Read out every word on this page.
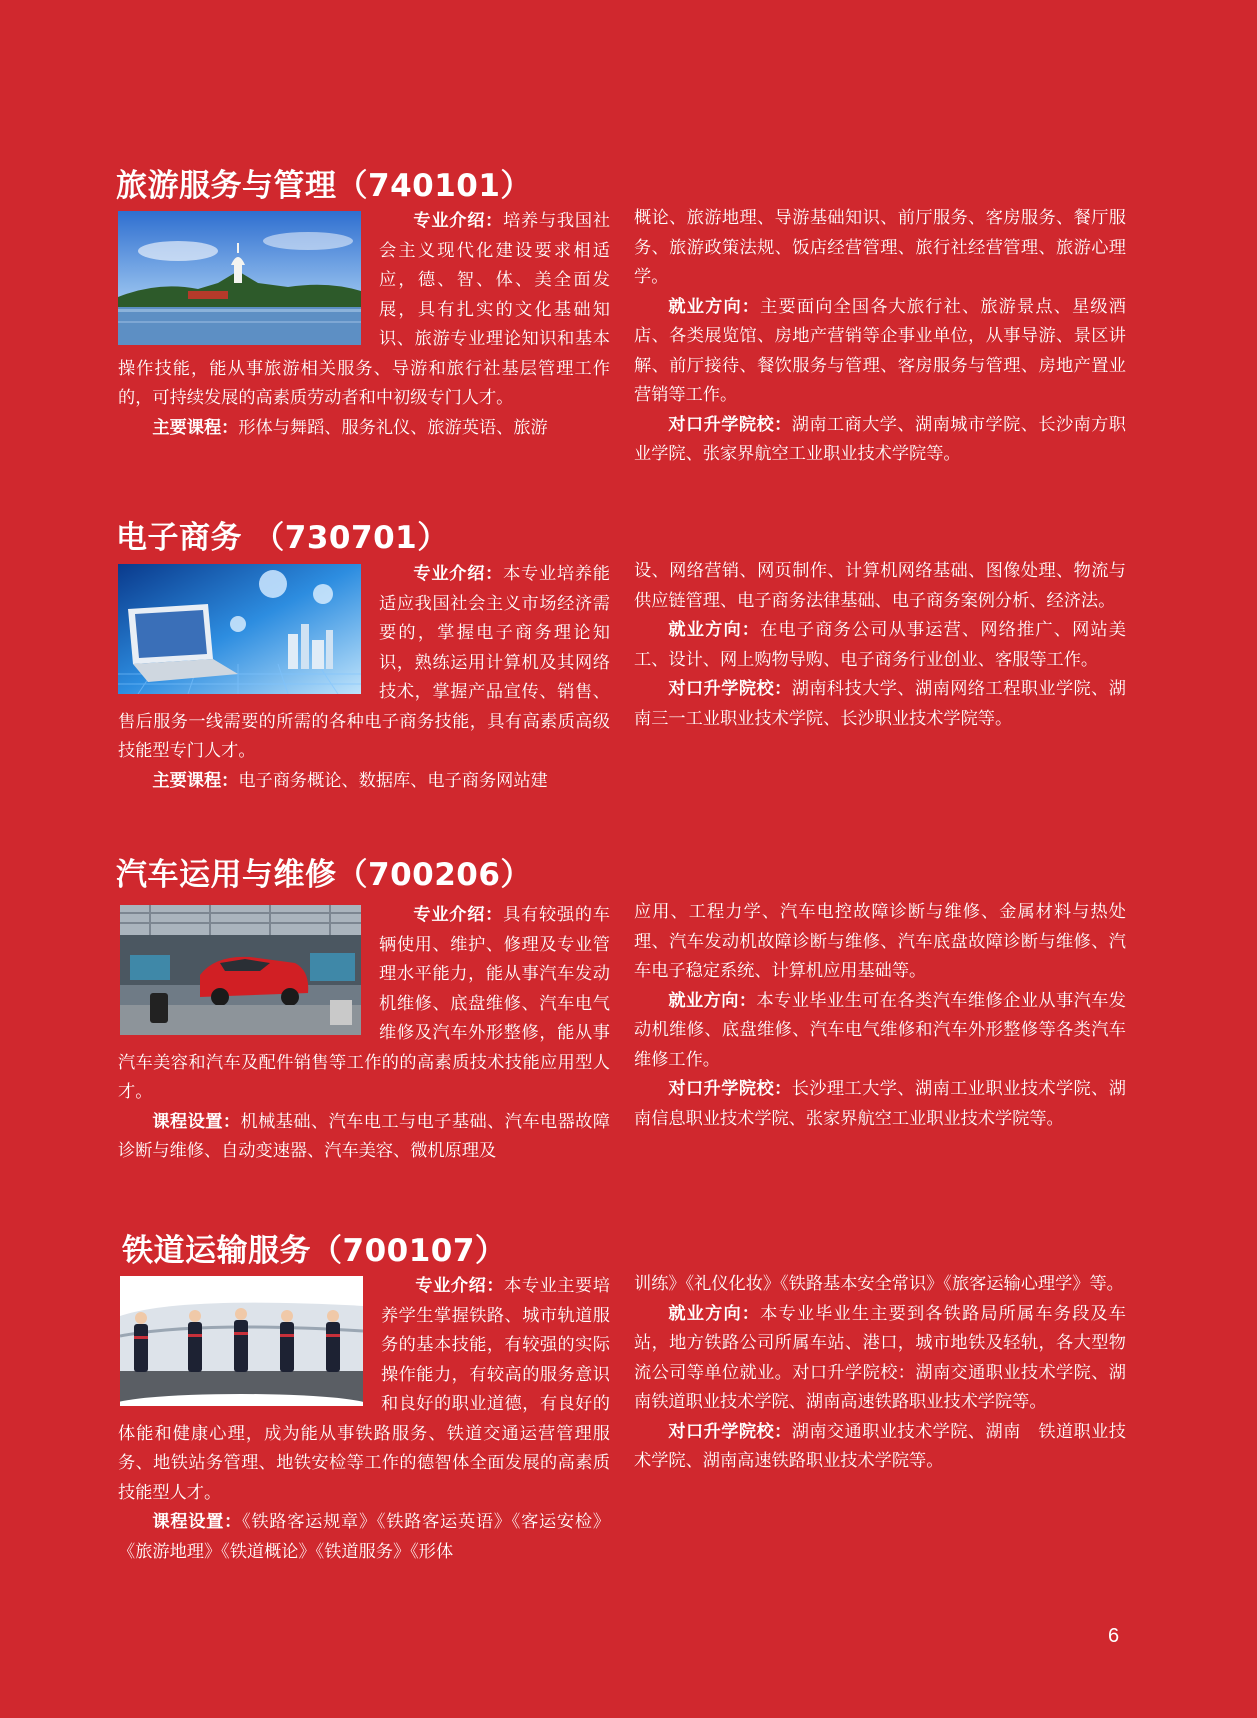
旅游服务与管理（740101）

专业介绍：培养与我国社会主义现代化建设要求相适应，德、智、体、美全面发展，具有扎实的文化基础知识、旅游专业理论知识和基本操作技能，能从事旅游相关服务、导游和旅行社基层管理工作的，可持续发展的高素质劳动者和中初级专门人才。

主要课程：形体与舞蹈、服务礼仪、旅游英语、旅游

概论、旅游地理、导游基础知识、前厅服务、客房服务、餐厅服务、旅游政策法规、饭店经营管理、旅行社经营管理、旅游心理学。

就业方向：主要面向全国各大旅行社、旅游景点、星级酒店、各类展览馆、房地产营销等企事业单位，从事导游、景区讲解、前厅接待、餐饮服务与管理、客房服务与管理、房地产置业营销等工作。

对口升学院校：湖南工商大学、湖南城市学院、长沙南方职业学院、张家界航空工业职业技术学院等。

电子商务 （730701）

专业介绍：本专业培养能适应我国社会主义市场经济需要的，掌握电子商务理论知识，熟练运用计算机及其网络技术，掌握产品宣传、销售、售后服务一线需要的所需的各种电子商务技能，具有高素质高级技能型专门人才。

主要课程：电子商务概论、数据库、电子商务网站建

设、网络营销、网页制作、计算机网络基础、图像处理、物流与供应链管理、电子商务法律基础、电子商务案例分析、经济法。

就业方向：在电子商务公司从事运营、网络推广、网站美工、设计、网上购物导购、电子商务行业创业、客服等工作。

对口升学院校：湖南科技大学、湖南网络工程职业学院、湖南三一工业职业技术学院、长沙职业技术学院等。

汽车运用与维修（700206）

专业介绍：具有较强的车辆使用、维护、修理及专业管理水平能力，能从事汽车发动机维修、底盘维修、汽车电气维修及汽车外形整修，能从事汽车美容和汽车及配件销售等工作的的高素质技术技能应用型人才。

课程设置：机械基础、汽车电工与电子基础、汽车电器故障诊断与维修、自动变速器、汽车美容、微机原理及

应用、工程力学、汽车电控故障诊断与维修、金属材料与热处理、汽车发动机故障诊断与维修、汽车底盘故障诊断与维修、汽车电子稳定系统、计算机应用基础等。

就业方向：本专业毕业生可在各类汽车维修企业从事汽车发动机维修、底盘维修、汽车电气维修和汽车外形整修等各类汽车维修工作。

对口升学院校：长沙理工大学、湖南工业职业技术学院、湖南信息职业技术学院、张家界航空工业职业技术学院等。

铁道运输服务（700107）

专业介绍：本专业主要培养学生掌握铁路、城市轨道服务的基本技能，有较强的实际操作能力，有较高的服务意识和良好的职业道德，有良好的体能和健康心理，成为能从事铁路服务、铁道交通运营管理服务、地铁站务管理、地铁安检等工作的德智体全面发展的高素质技能型人才。

课程设置：《铁路客运规章》《铁路客运英语》《客运安检》《旅游地理》《铁道概论》《铁道服务》《形体

训练》《礼仪化妆》《铁路基本安全常识》《旅客运输心理学》等。

就业方向：本专业毕业生主要到各铁路局所属车务段及车站，地方铁路公司所属车站、港口，城市地铁及轻轨，各大型物流公司等单位就业。对口升学院校：湖南交通职业技术学院、湖南铁道职业技术学院、湖南高速铁路职业技术学院等。

对口升学院校：湖南交通职业技术学院、湖南　铁道职业技术学院、湖南高速铁路职业技术学院等。

6
